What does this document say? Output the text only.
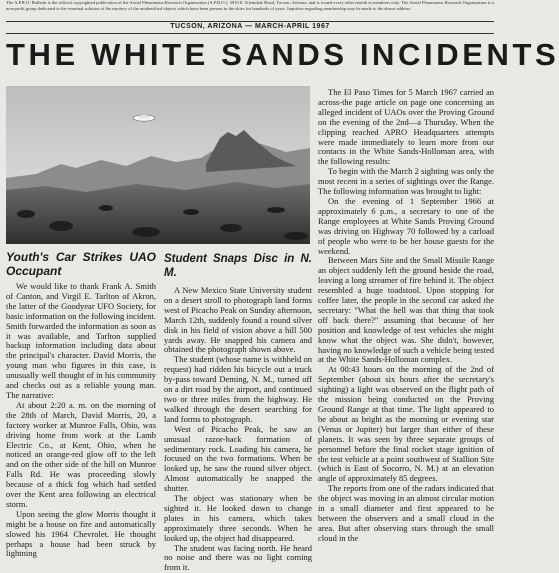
The A.P.R.O. Bulletin is the official copyrighted publication of the Aerial Phenomena Research Organization (A.P.R.O.), 3910 E. Kleindale Road, Tucson, Arizona, and is issued every other month to members only. The Aerial Phenomena Research Organization is a non-profit group dedicated to the eventual solution of the mystery of the unidentified objects which have been present in the skies for hundreds of years. Inquiries regarding membership may be made to the above address.
TUCSON, ARIZONA — MARCH-APRIL 1967
THE WHITE SANDS INCIDENTS
Youth's Car Strikes UAO Occupant

We would like to thank Frank A. Smith of Canton, and Virgil E. Tarlton of Akron, the latter of the Goodyear UFO Society, for basic information on the following incident. Smith forwarded the information as soon as it was available, and Tarlton supplied backup information including data about the principal's character. David Morris, the young man who figures in this case, is unusually well thought of in his community and checks out as a reliable young man. The narrative:

At about 2:20 a. m. on the morning of the 28th of March, David Morris, 20, a factory worker at Munroe Falls, Ohio, was driving home from work at the Lamb Electric Co., at Kent, Ohio, when he noticed an orange-red glow off to the left and on the other side of the hill on Munroe Falls Rd. He was proceeding slowly because of a thick fog which had settled over the Kent area following an electrical storm.

Upon seeing the glow Morris thought it might be a house on fire and automatically slowed his 1964 Chevrolet. He thought perhaps a house had been struck by lightning

Student Snaps Disc in N. M.

A New Mexico State University student on a desert stroll to photograph land forms west of Picacho Peak on Sunday afternoon, March 12th, suddenly found a round silver disk in his field of vision above a hill 500 yards away. He snapped his camera and obtained the photograph shown above.

The student (whose name is withheld on request) had ridden his bicycle out a truck by-pass toward Deming, N. M., turned off on a dirt road by the airport, and continued two or three miles from the highway. He walked through the desert searching for land forms to photograph.

West of Picacho Peak, he saw an unusual razor-back formation of sedimentary rock. Loading his camera, he focused on the two formations. When he looked up, he saw the round silver object. Almost automatically he snapped the shutter.

The object was stationary when he sighted it. He looked down to change plates in his camera, which takes approximately three seconds. When he looked up, the object had disappeared.

The student was facing north. He heard no noise and there was no light coming from it.

The El Paso Times for 5 March 1967 carried an across-the page article on page one concerning an alleged incident of UAOs over the Proving Ground on the evening of the 2nd—a Thursday. When the clipping reached APRO Headquarters attempts were made immediately to learn more from our contacts in the White Sands-Holloman area, with the following results:

To begin with the March 2 sighting was only the most recent in a series of sightings over the Range. The following information was brought to light:

On the evening of 1 September 1966 at approximately 6 p.m., a secretary to one of the Range employees at White Sands Proving Ground was driving on Highway 70 followed by a carload of people who were to be her house guests for the weekend.

Between Mars Site and the Small Missile Range an object suddenly left the ground beside the road, leaving a long streamer of fire behind it. The object resembled a huge toadstool. Upon stopping for coffee later, the people in the second car asked the secretary: "What the hell was that thing that took off back there?" assuming that because of her position and knowledge of test vehicles she might know what the object was. She didn't, however, having no knowledge of such a vehicle being tested at the White Sands-Holloman complex.

At 00:43 hours on the morning of the 2nd of September (about six hours after the secretary's sighting) a light was observed on the flight path of the mission being conducted on the Proving Ground Range at that time. The light appeared to be about as bright as the morning or evening star (Venus or Jupiter) but larger than either of these planets. It was seen by three separate groups of personnel before the final rocket stage ignition of the test vehicle at a point southwest of Stallion Site (which is East of Socorro, N. M.) at an elevation angle of approximately 85 degrees.

The reports from one of the radars indicated that the object was moving in an almost circular motion in a small diameter and first appeared to be between the observers and a small cloud in the area. But after observing stars through the small cloud in the
